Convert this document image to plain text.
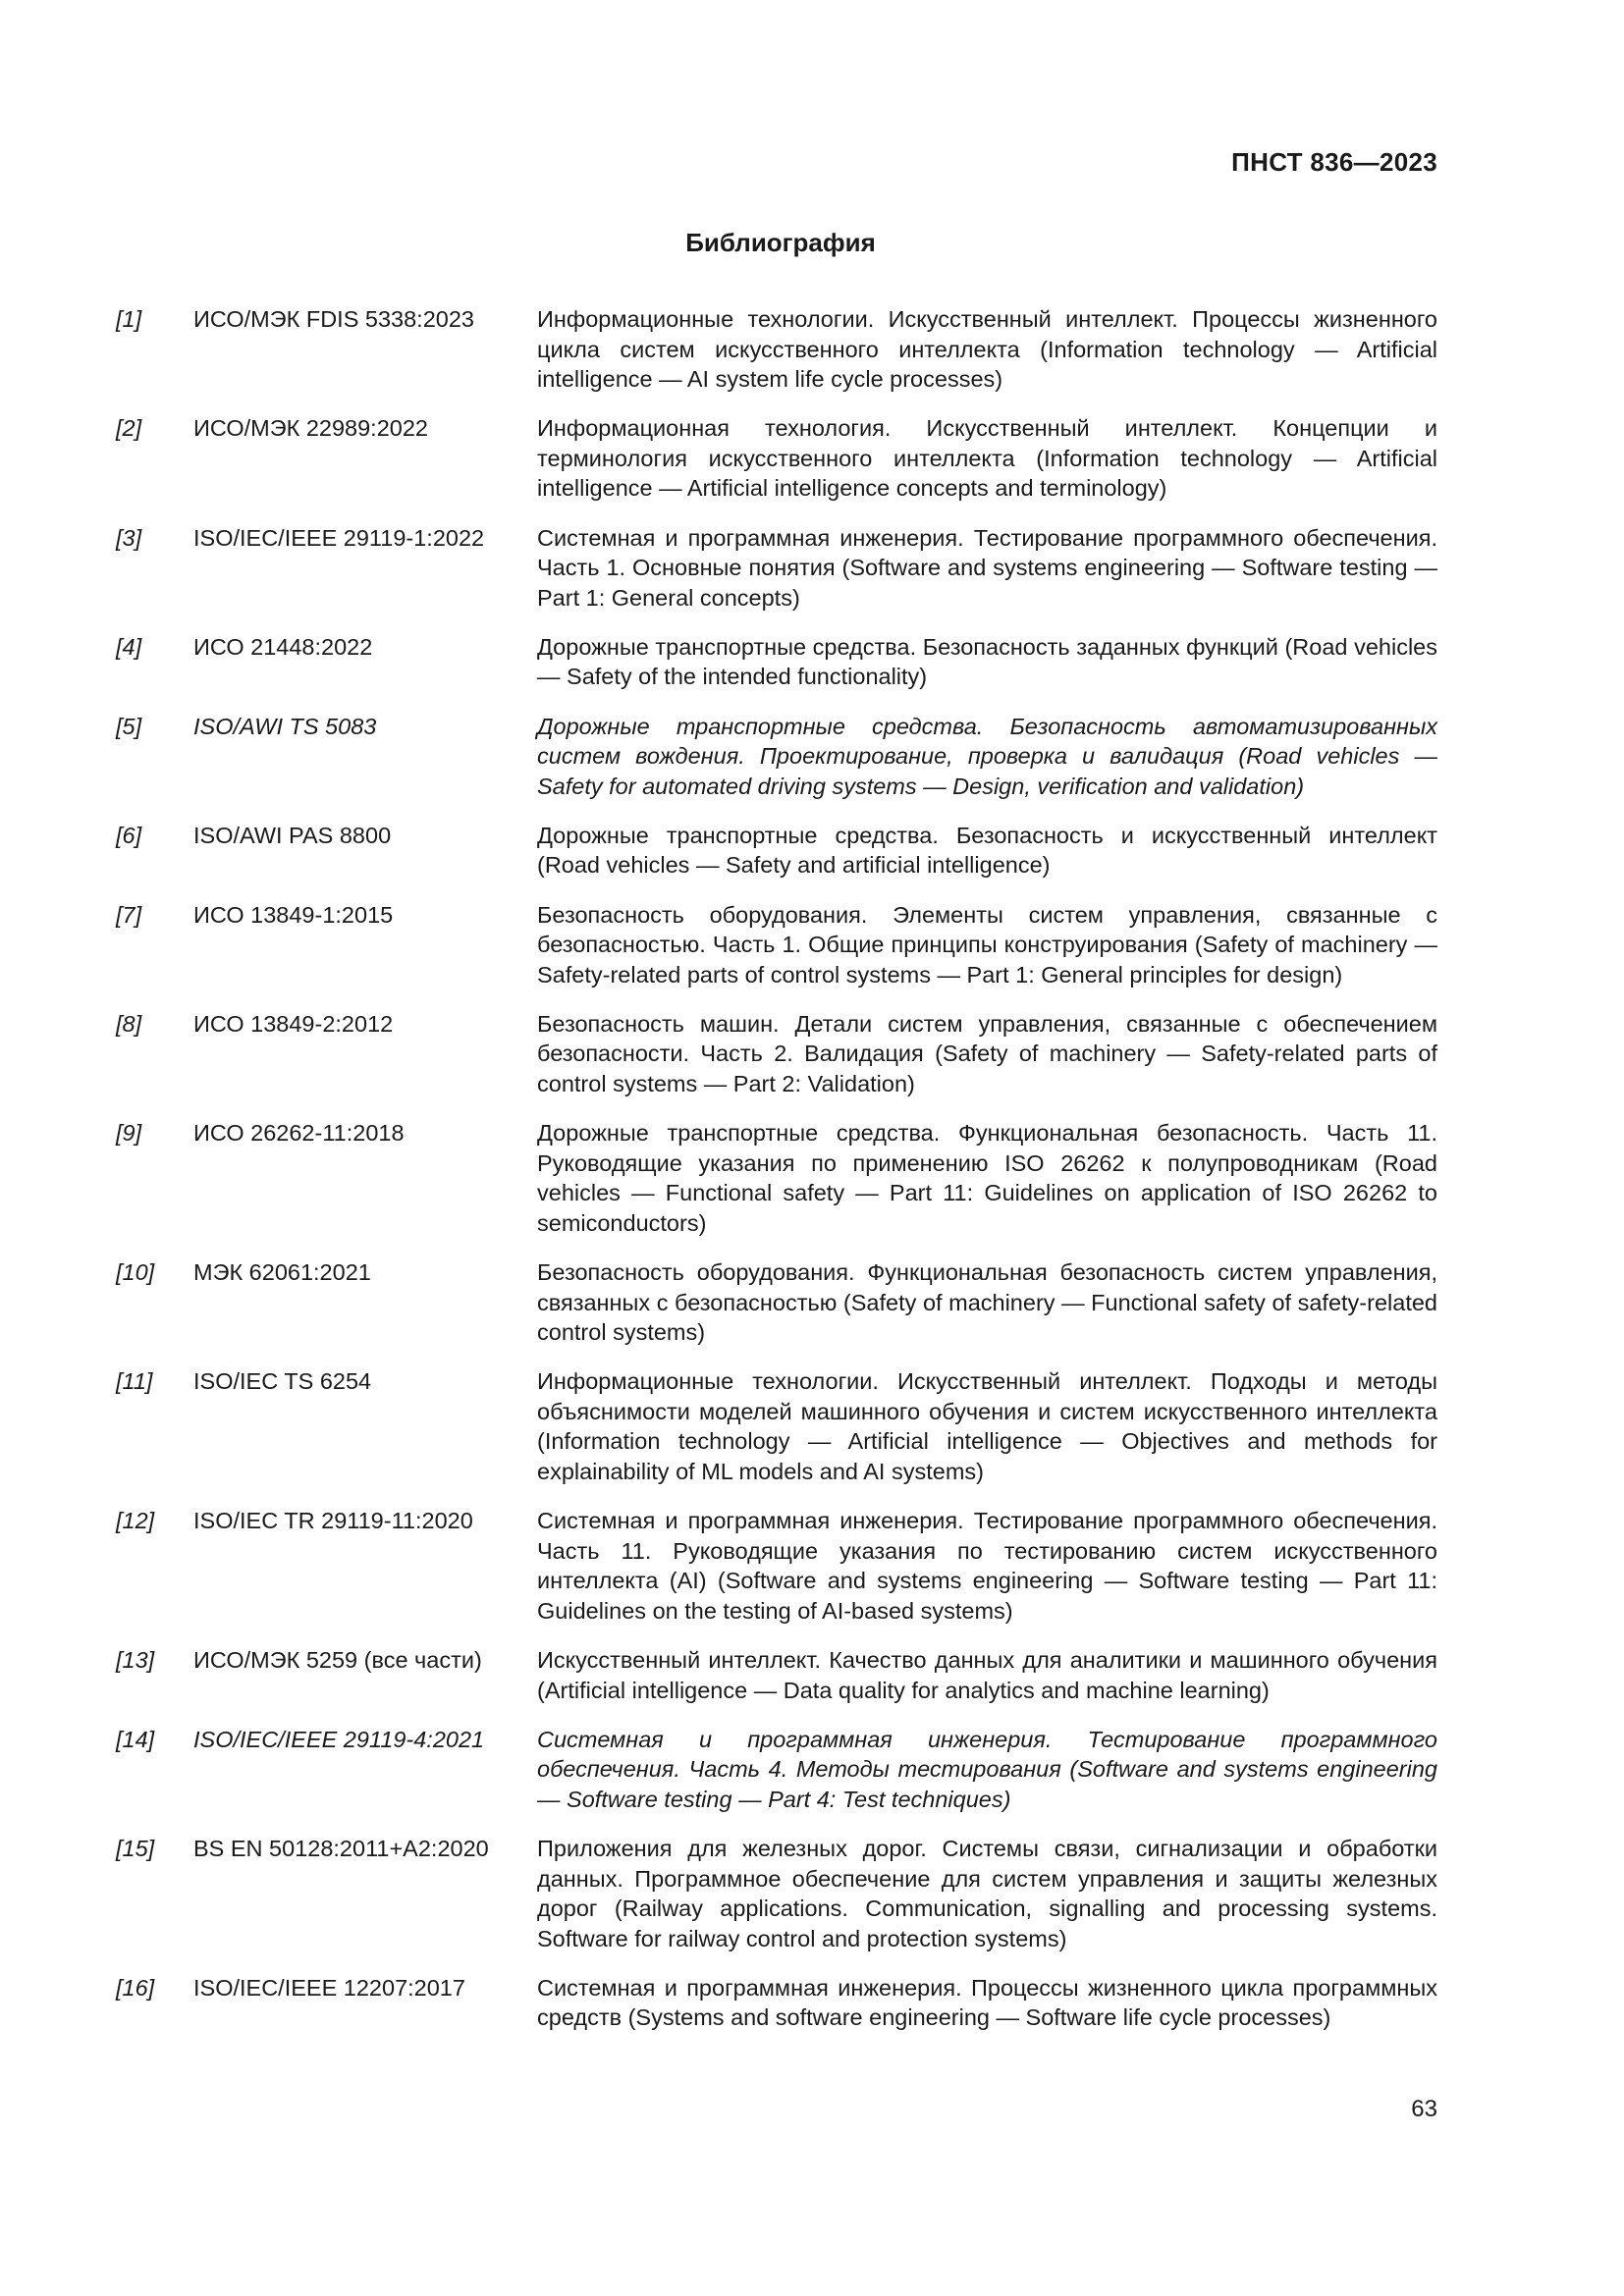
ПНСТ 836—2023
Библиография
[1]	ИСО/МЭК FDIS 5338:2023	Информационные технологии. Искусственный интеллект. Процессы жизненного цикла систем искусственного интеллекта (Information technology — Artificial intelligence — AI system life cycle processes)
[2]	ИСО/МЭК 22989:2022	Информационная технология. Искусственный интеллект. Концепции и терминология искусственного интеллекта (Information technology — Artificial intelligence — Artificial intelligence concepts and terminology)
[3]	ISO/IEC/IEEE 29119-1:2022	Системная и программная инженерия. Тестирование программного обеспечения. Часть 1. Основные понятия (Software and systems engineering — Software testing — Part 1: General concepts)
[4]	ИСО 21448:2022	Дорожные транспортные средства. Безопасность заданных функций (Road vehicles — Safety of the intended functionality)
[5]	ISO/AWI TS 5083	Дорожные транспортные средства. Безопасность автоматизированных систем вождения. Проектирование, проверка и валидация (Road vehicles — Safety for automated driving systems — Design, verification and validation)
[6]	ISO/AWI PAS 8800	Дорожные транспортные средства. Безопасность и искусственный интеллект (Road vehicles — Safety and artificial intelligence)
[7]	ИСО 13849-1:2015	Безопасность оборудования. Элементы систем управления, связанные с безопасностью. Часть 1. Общие принципы конструирования (Safety of machinery — Safety-related parts of control systems — Part 1: General principles for design)
[8]	ИСО 13849-2:2012	Безопасность машин. Детали систем управления, связанные с обеспечением безопасности. Часть 2. Валидация (Safety of machinery — Safety-related parts of control systems — Part 2: Validation)
[9]	ИСО 26262-11:2018	Дорожные транспортные средства. Функциональная безопасность. Часть 11. Руководящие указания по применению ISO 26262 к полупроводникам (Road vehicles — Functional safety — Part 11: Guidelines on application of ISO 26262 to semiconductors)
[10]	МЭК 62061:2021	Безопасность оборудования. Функциональная безопасность систем управления, связанных с безопасностью (Safety of machinery — Functional safety of safety-related control systems)
[11]	ISO/IEC TS 6254	Информационные технологии. Искусственный интеллект. Подходы и методы объяснимости моделей машинного обучения и систем искусственного интеллекта (Information technology — Artificial intelligence — Objectives and methods for explainability of ML models and AI systems)
[12]	ISO/IEC TR 29119-11:2020	Системная и программная инженерия. Тестирование программного обеспечения. Часть 11. Руководящие указания по тестированию систем искусственного интеллекта (AI) (Software and systems engineering — Software testing — Part 11: Guidelines on the testing of AI-based systems)
[13]	ИСО/МЭК 5259 (все части)	Искусственный интеллект. Качество данных для аналитики и машинного обучения (Artificial intelligence — Data quality for analytics and machine learning)
[14]	ISO/IEC/IEEE 29119-4:2021	Системная и программная инженерия. Тестирование программного обеспечения. Часть 4. Методы тестирования (Software and systems engineering — Software testing — Part 4: Test techniques)
[15]	BS EN 50128:2011+A2:2020	Приложения для железных дорог. Системы связи, сигнализации и обработки данных. Программное обеспечение для систем управления и защиты железных дорог (Railway applications. Communication, signalling and processing systems. Software for railway control and protection systems)
[16]	ISO/IEC/IEEE 12207:2017	Системная и программная инженерия. Процессы жизненного цикла программных средств (Systems and software engineering — Software life cycle processes)
63
